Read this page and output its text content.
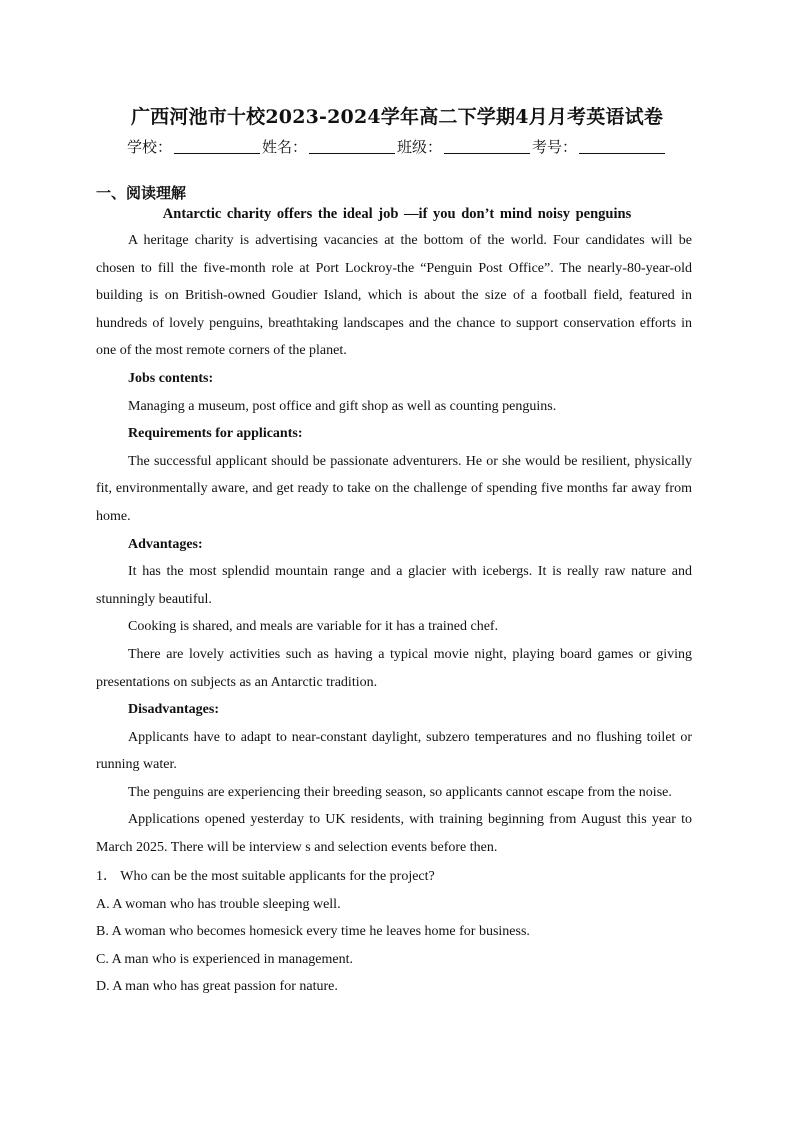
广西河池市十校2023-2024学年高二下学期4月月考英语试卷
学校：	姓名：	班级：	考号：
一、阅读理解
Antarctic charity offers the ideal job —if you don’t mind noisy penguins

A heritage charity is advertising vacancies at the bottom of the world. Four candidates will be chosen to fill the five-month role at Port Lockroy-the “Penguin Post Office”. The nearly-80-year-old building is on British-owned Goudier Island, which is about the size of a football field, featured in hundreds of lovely penguins, breathtaking landscapes and the chance to support conservation efforts in one of the most remote corners of the planet.

Jobs contents:

Managing a museum, post office and gift shop as well as counting penguins.

Requirements for applicants:

The successful applicant should be passionate adventurers. He or she would be resilient, physically fit, environmentally aware, and get ready to take on the challenge of spending five months far away from home.

Advantages:

It has the most splendid mountain range and a glacier with icebergs. It is really raw nature and stunningly beautiful.

Cooking is shared, and meals are variable for it has a trained chef.

There are lovely activities such as having a typical movie night, playing board games or giving presentations on subjects as an Antarctic tradition.

Disadvantages:

Applicants have to adapt to near-constant daylight, subzero temperatures and no flushing toilet or running water.

The penguins are experiencing their breeding season, so applicants cannot escape from the noise.

Applications opened yesterday to UK residents, with training beginning from August this year to March 2025. There will be interview s and selection events before then.

1． Who can be the most suitable applicants for the project?

A. A woman who has trouble sleeping well.

B. A woman who becomes homesick every time he leaves home for business.

C. A man who is experienced in management.

D. A man who has great passion for nature.
